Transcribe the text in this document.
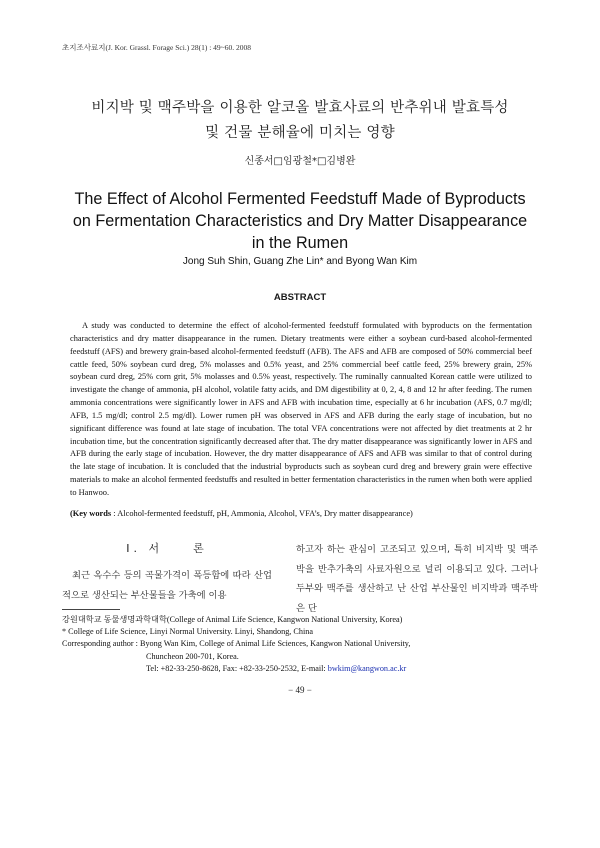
초지조사료지(J. Kor. Grassl. Forage Sci.) 28(1) : 49~60. 2008
비지박 및 맥주박을 이용한 알코올 발효사료의 반추위내 발효특성
및 건물 분해율에 미치는 영향
신종서□임광철*□김병완
The Effect of Alcohol Fermented Feedstuff Made of Byproducts
on Fermentation Characteristics and Dry Matter Disappearance
in the Rumen
Jong Suh Shin, Guang Zhe Lin* and Byong Wan Kim
ABSTRACT

A study was conducted to determine the effect of alcohol-fermented feedstuff formulated with byproducts on the fermentation characteristics and dry matter disappearance in the rumen. Dietary treatments were either a soybean curd-based alcohol-fermented feedstuff (AFS) and brewery grain-based alcohol-fermented feedstuff (AFB). The AFS and AFB are composed of 50% commercial beef cattle feed, 50% soybean curd dreg, 5% molasses and 0.5% yeast, and 25% commercial beef cattle feed, 25% brewery grain, 25% soybean curd dreg, 25% corn grit, 5% molasses and 0.5% yeast, respectively. The ruminally cannualted Korean cattle were utilized to investigate the change of ammonia, pH alcohol, volatile fatty acids, and DM digestibility at 0, 2, 4, 8 and 12 hr after feeding. The rumen ammonia concentrations were significantly lower in AFS and AFB with incubation time, especially at 6 hr incubation (AFS, 0.7 mg/dl; AFB, 1.5 mg/dl; control 2.5 mg/dl). Lower rumen pH was observed in AFS and AFB during the early stage of incubation, but no significant difference was found at late stage of incubation. The total VFA concentrations were not affected by diet treatments at 2 hr incubation time, but the concentration significantly decreased after that. The dry matter disappearance was significantly lower in AFS and AFB during the early stage of incubation. However, the dry matter disappearance of AFS and AFB was similar to that of control during the late stage of incubation. It is concluded that the industrial byproducts such as soybean curd dreg and brewery grain were effective materials to make an alcohol fermented feedstuffs and resulted in better fermentation characteristics in the rumen when both were applied to Hanwoo.

(Key words : Alcohol-fermented feedstuff, pH, Ammonia, Alcohol, VFA’s, Dry matter disappearance)
Ⅰ. 서　　론

최근 옥수수 등의 곡물가격이 폭등함에 따라 산업적으로 생산되는 부산물들을 가축에 이용

하고자 하는 관심이 고조되고 있으며, 특히 비지박 및 맥주박을 반추가축의 사료자원으로 널리 이용되고 있다. 그러나 두부와 맥주를 생산하고 난 산업 부산물인 비지박과 맥주박은 단

강원대학교 동물생명과학대학(College of Animal Life Science, Kangwon National University, Korea)

* College of Life Science, Linyi Normal University. Linyi, Shandong, China

Corresponding author : Byong Wan Kim, College of Animal Life Sciences, Kangwon National University,

Chuncheon 200-701, Korea.

Tel: +82-33-250-8628, Fax: +82-33-250-2532, E-mail: bwkim@kangwon.ac.kr

− 49 −
